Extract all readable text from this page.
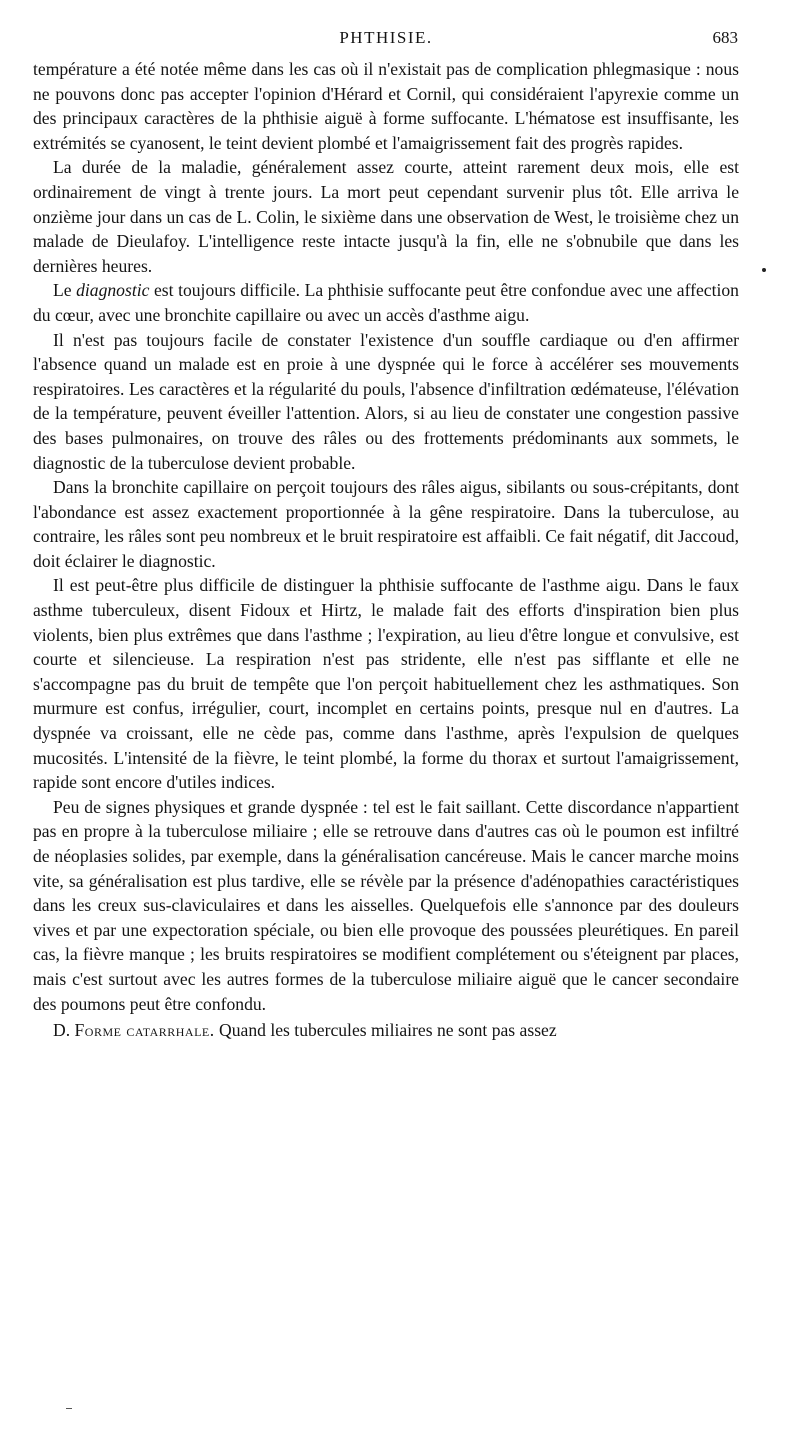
PHTHISIE.	683

température a été notée même dans les cas où il n'existait pas de complication phlegmasique : nous ne pouvons donc pas accepter l'opinion d'Hérard et Cornil, qui considéraient l'apyrexie comme un des principaux caractères de la phthisie aiguë à forme suffocante. L'hématose est insuffisante, les extrémités se cyanosent, le teint devient plombé et l'amaigrissement fait des progrès rapides.

La durée de la maladie, généralement assez courte, atteint rarement deux mois, elle est ordinairement de vingt à trente jours. La mort peut cependant survenir plus tôt. Elle arriva le onzième jour dans un cas de L. Colin, le sixième dans une observation de West, le troisième chez un malade de Dieulafoy. L'intelligence reste intacte jusqu'à la fin, elle ne s'obnubile que dans les dernières heures.

Le diagnostic est toujours difficile. La phthisie suffocante peut être confondue avec une affection du cœur, avec une bronchite capillaire ou avec un accès d'asthme aigu.

Il n'est pas toujours facile de constater l'existence d'un souffle cardiaque ou d'en affirmer l'absence quand un malade est en proie à une dyspnée qui le force à accélérer ses mouvements respiratoires. Les caractères et la régularité du pouls, l'absence d'infiltration œdémateuse, l'élévation de la température, peuvent éveiller l'attention. Alors, si au lieu de constater une congestion passive des bases pulmonaires, on trouve des râles ou des frottements prédominants aux sommets, le diagnostic de la tuberculose devient probable.

Dans la bronchite capillaire on perçoit toujours des râles aigus, sibilants ou sous-crépitants, dont l'abondance est assez exactement proportionnée à la gêne respiratoire. Dans la tuberculose, au contraire, les râles sont peu nombreux et le bruit respiratoire est affaibli. Ce fait négatif, dit Jaccoud, doit éclairer le diagnostic.

Il est peut-être plus difficile de distinguer la phthisie suffocante de l'asthme aigu. Dans le faux asthme tuberculeux, disent Fidoux et Hirtz, le malade fait des efforts d'inspiration bien plus violents, bien plus extrêmes que dans l'asthme ; l'expiration, au lieu d'être longue et convulsive, est courte et silencieuse. La respiration n'est pas stridente, elle n'est pas sifflante et elle ne s'accompagne pas du bruit de tempête que l'on perçoit habituellement chez les asthmatiques. Son murmure est confus, irrégulier, court, incomplet en certains points, presque nul en d'autres. La dyspnée va croissant, elle ne cède pas, comme dans l'asthme, après l'expulsion de quelques mucosités. L'intensité de la fièvre, le teint plombé, la forme du thorax et surtout l'amaigrissement, rapide sont encore d'utiles indices.

Peu de signes physiques et grande dyspnée : tel est le fait saillant. Cette discordance n'appartient pas en propre à la tuberculose miliaire ; elle se retrouve dans d'autres cas où le poumon est infiltré de néoplasies solides, par exemple, dans la généralisation cancéreuse. Mais le cancer marche moins vite, sa généralisation est plus tardive, elle se révèle par la présence d'adénopathies caractéristiques dans les creux sus-claviculaires et dans les aisselles. Quelquefois elle s'annonce par des douleurs vives et par une expectoration spéciale, ou bien elle provoque des poussées pleurétiques. En pareil cas, la fièvre manque ; les bruits respiratoires se modifient complétement ou s'éteignent par places, mais c'est surtout avec les autres formes de la tuberculose miliaire aiguë que le cancer secondaire des poumons peut être confondu.

D. Forme catarrhale. Quand les tubercules miliaires ne sont pas assez
